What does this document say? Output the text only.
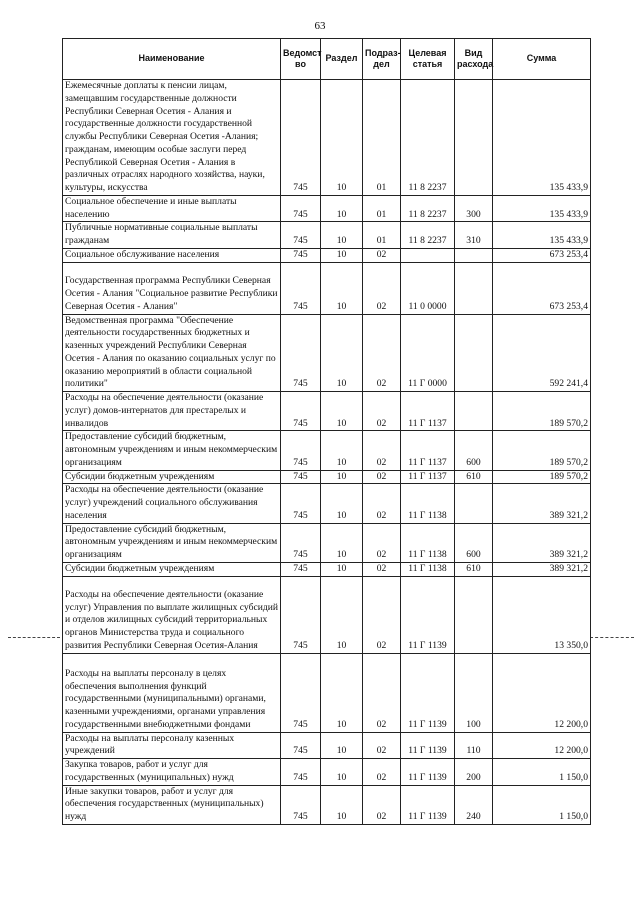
63
Наименование	Ведомст во	Раздел	Подраз- дел	Целевая статья	Вид расхода	Сумма
Ежемесячные доплаты к пенсии лицам, замещавшим государственные должности Республики Северная Осетия - Алания и государственные должности государственной службы Республики Северная Осетия -Алания; гражданам, имеющим особые заслуги перед Республикой Северная Осетия - Алания в различных отраслях народного хозяйства, науки, культуры, искусства	745	10	01	11 8 2237		135 433,9
Социальное обеспечение и иные выплаты населению	745	10	01	11 8 2237	300	135 433,9
Публичные нормативные социальные выплаты гражданам	745	10	01	11 8 2237	310	135 433,9
Социальное обслуживание населения	745	10	02			673 253,4
Государственная программа Республики Северная Осетия - Алания "Социальное развитие Республики Северная Осетия - Алания"	745	10	02	11 0 0000		673 253,4
Ведомственная программа "Обеспечение деятельности государственных бюджетных и казенных учреждений Республики Северная Осетия - Алания по оказанию социальных услуг по оказанию мероприятий в области социальной политики"	745	10	02	11 Г 0000		592 241,4
Расходы на обеспечение деятельности (оказание услуг) домов-интернатов для престарелых и инвалидов	745	10	02	11 Г 1137		189 570,2
Предоставление субсидий бюджетным, автономным учреждениям и иным некоммерческим организациям	745	10	02	11 Г 1137	600	189 570,2
Субсидии бюджетным учреждениям	745	10	02	11 Г 1137	610	189 570,2
Расходы на обеспечение деятельности (оказание услуг) учреждений социального обслуживания населения	745	10	02	11 Г 1138		389 321,2
Предоставление субсидий бюджетным, автономным учреждениям и иным некоммерческим организациям	745	10	02	11 Г 1138	600	389 321,2
Субсидии бюджетным учреждениям	745	10	02	11 Г 1138	610	389 321,2
Расходы на обеспечение деятельности (оказание услуг) Управления по выплате жилищных субсидий и отделов жилищных субсидий территориальных органов Министерства труда и социального развития Республики Северная Осетия-Алания	745	10	02	11 Г 1139		13 350,0
Расходы на выплаты персоналу в целях обеспечения выполнения функций государственными (муниципальными) органами, казенными учреждениями, органами управления государственными внебюджетными фондами	745	10	02	11 Г 1139	100	12 200,0
Расходы на выплаты персоналу казенных учреждений	745	10	02	11 Г 1139	110	12 200,0
Закупка товаров, работ и услуг для государственных (муниципальных) нужд	745	10	02	11 Г 1139	200	1 150,0
Иные закупки товаров, работ и услуг для обеспечения государственных (муниципальных) нужд	745	10	02	11 Г 1139	240	1 150,0
